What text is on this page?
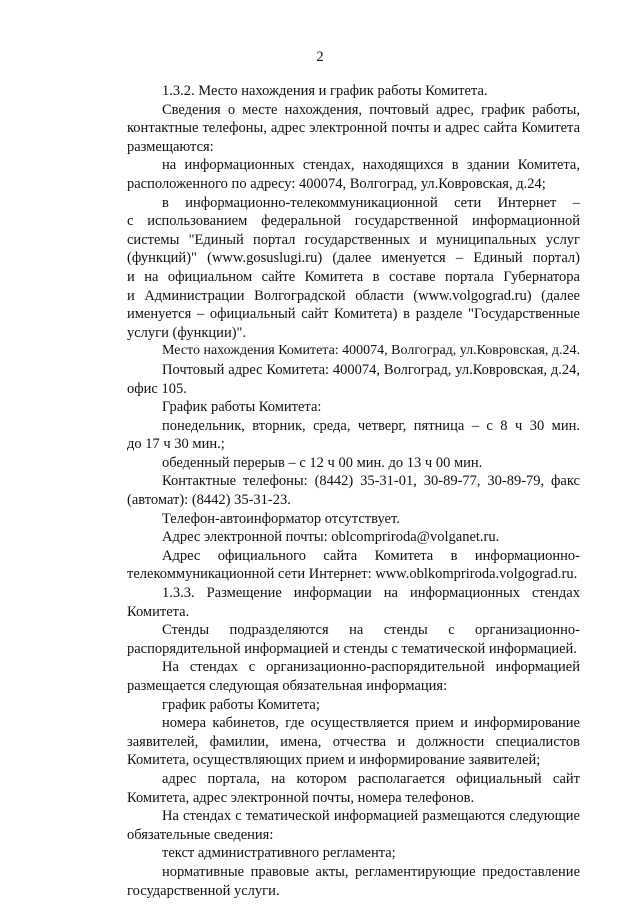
2
1.3.2. Место нахождения и график работы Комитета.
Сведения о месте нахождения, почтовый адрес, график работы,
контактные телефоны, адрес электронной почты и адрес сайта Комитета
размещаются:
на информационных стендах, находящихся в здании Комитета,
расположенного по адресу: 400074, Волгоград, ул.Ковровская, д.24;
в информационно-телекоммуникационной сети Интернет –
с использованием федеральной государственной информационной
системы "Единый портал государственных и муниципальных услуг
(функций)" (www.gosuslugi.ru) (далее именуется – Единый портал)
и на официальном сайте Комитета в составе портала Губернатора
и Администрации Волгоградской области (www.volgograd.ru) (далее
именуется – официальный сайт Комитета) в разделе "Государственные
услуги (функции)".
Место нахождения Комитета: 400074, Волгоград, ул.Ковровская, д.24.
Почтовый адрес Комитета: 400074, Волгоград, ул.Ковровская, д.24,
офис 105.
График работы Комитета:
понедельник, вторник, среда, четверг, пятница – с 8 ч 30 мин.
до 17 ч 30 мин.;
обеденный перерыв – с 12 ч 00 мин. до 13 ч 00 мин.
Контактные телефоны: (8442) 35-31-01, 30-89-77, 30-89-79, факс
(автомат): (8442) 35-31-23.
Телефон-автоинформатор отсутствует.
Адрес электронной почты: oblcompriroda@volganet.ru.
Адрес официального сайта Комитета в информационно-
телекоммуникационной сети Интернет: www.oblkompriroda.volgograd.ru.
1.3.3. Размещение информации на информационных стендах
Комитета.
Стенды подразделяются на стенды с организационно-
распорядительной информацией и стенды с тематической информацией.
На стендах с организационно-распорядительной информацией
размещается следующая обязательная информация:
график работы Комитета;
номера кабинетов, где осуществляется прием и информирование
заявителей, фамилии, имена, отчества и должности специалистов
Комитета, осуществляющих прием и информирование заявителей;
адрес портала, на котором располагается официальный сайт
Комитета, адрес электронной почты, номера телефонов.
На стендах с тематической информацией размещаются следующие
обязательные сведения:
текст административного регламента;
нормативные правовые акты, регламентирующие предоставление
государственной услуги.
